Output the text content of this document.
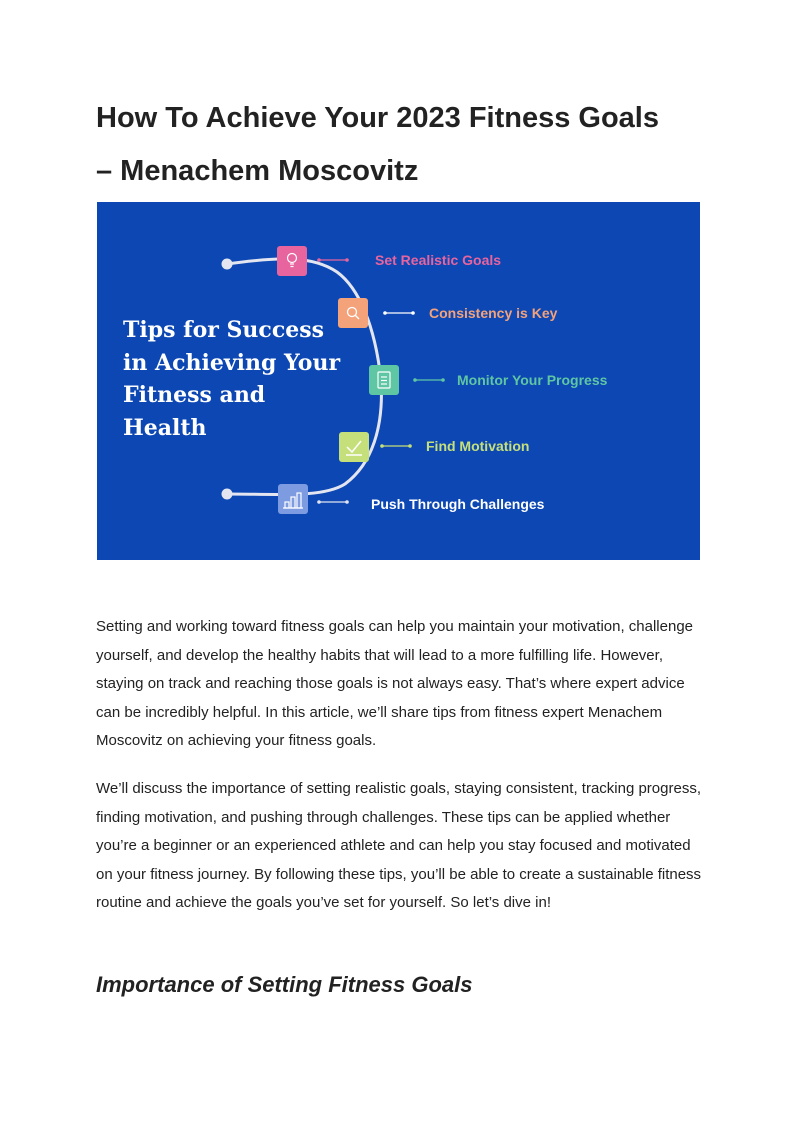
How To Achieve Your 2023 Fitness Goals
– Menachem Moscovitz
Tips for Success
in Achieving Your
Fitness and
Health
Set Realistic Goals
Consistency is Key
Monitor Your Progress
Find Motivation
Push Through Challenges

Setting and working toward fitness goals can help you maintain your motivation, challenge yourself, and develop the healthy habits that will lead to a more fulfilling life. However, staying on track and reaching those goals is not always easy. That’s where expert advice can be incredibly helpful. In this article, we’ll share tips from fitness expert Menachem Moscovitz on achieving your fitness goals.

We’ll discuss the importance of setting realistic goals, staying consistent, tracking progress, finding motivation, and pushing through challenges. These tips can be applied whether you’re a beginner or an experienced athlete and can help you stay focused and motivated on your fitness journey. By following these tips, you’ll be able to create a sustainable fitness routine and achieve the goals you’ve set for yourself. So let’s dive in!

Importance of Setting Fitness Goals
